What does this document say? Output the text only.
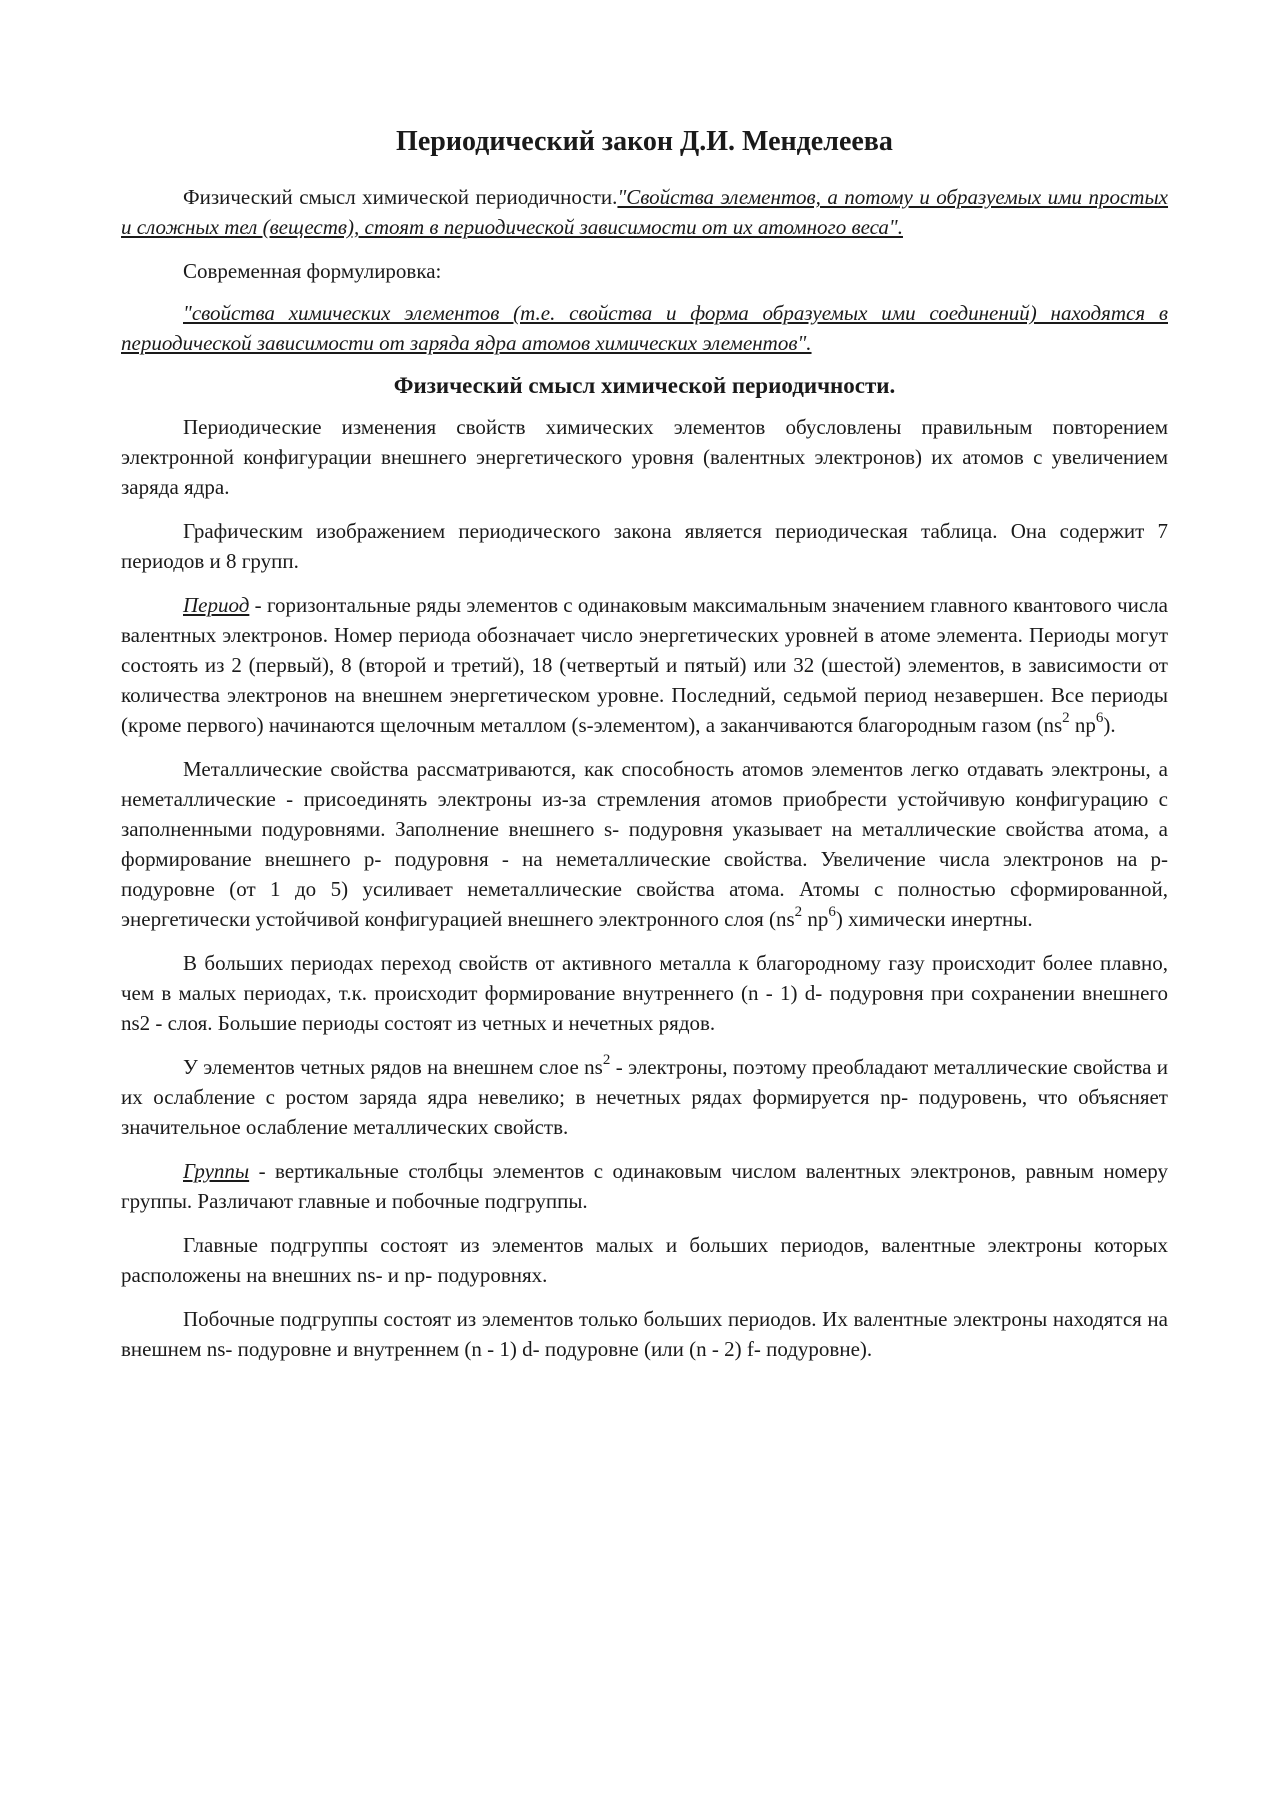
Периодический закон Д.И. Менделеева

Физический смысл химической периодичности."Свойства элементов, а потому и образуемых ими простых и сложных тел (веществ), стоят в периодической зависимости от их атомного веса".

Современная формулировка:

"свойства химических элементов (т.е. свойства и форма образуемых ими соединений) находятся в периодической зависимости от заряда ядра атомов химических элементов".

Физический смысл химической периодичности.

Периодические изменения свойств химических элементов обусловлены правильным повторением электронной конфигурации внешнего энергетического уровня (валентных электронов) их атомов с увеличением заряда ядра.

Графическим изображением периодического закона является периодическая таблица. Она содержит 7 периодов и 8 групп.

Период - горизонтальные ряды элементов с одинаковым максимальным значением главного квантового числа валентных электронов. Номер периода обозначает число энергетических уровней в атоме элемента. Периоды могут состоять из 2 (первый), 8 (второй и третий), 18 (четвертый и пятый) или 32 (шестой) элементов, в зависимости от количества электронов на внешнем энергетическом уровне. Последний, седьмой период незавершен. Все периоды (кроме первого) начинаются щелочным металлом (s-элементом), а заканчиваются благородным газом ($ns^2$ $np^6$).

Металлические свойства рассматриваются, как способность атомов элементов легко отдавать электроны, а неметаллические - присоединять электроны из-за стремления атомов приобрести устойчивую конфигурацию с заполненными подуровнями. Заполнение внешнего s- подуровня указывает на металлические свойства атома, а формирование внешнего p- подуровня - на неметаллические свойства. Увеличение числа электронов на p- подуровне (от 1 до 5) усиливает неметаллические свойства атома. Атомы с полностью сформированной, энергетически устойчивой конфигурацией внешнего электронного слоя ($ns^2$ $np^6$) химически инертны.

В больших периодах переход свойств от активного металла к благородному газу происходит более плавно, чем в малых периодах, т.к. происходит формирование внутреннего (n - 1) d- подуровня при сохранении внешнего ns2 - слоя. Большие периоды состоят из четных и нечетных рядов.

У элементов четных рядов на внешнем слое $ns^2$ - электроны, поэтому преобладают металлические свойства и их ослабление с ростом заряда ядра невелико; в нечетных рядах формируется np- подуровень, что объясняет значительное ослабление металлических свойств.

Группы - вертикальные столбцы элементов с одинаковым числом валентных электронов, равным номеру группы. Различают главные и побочные подгруппы.

Главные подгруппы состоят из элементов малых и больших периодов, валентные электроны которых расположены на внешних ns- и np- подуровнях.

Побочные подгруппы состоят из элементов только больших периодов. Их валентные электроны находятся на внешнем ns- подуровне и внутреннем (n - 1) d- подуровне (или (n - 2) f- подуровне).
